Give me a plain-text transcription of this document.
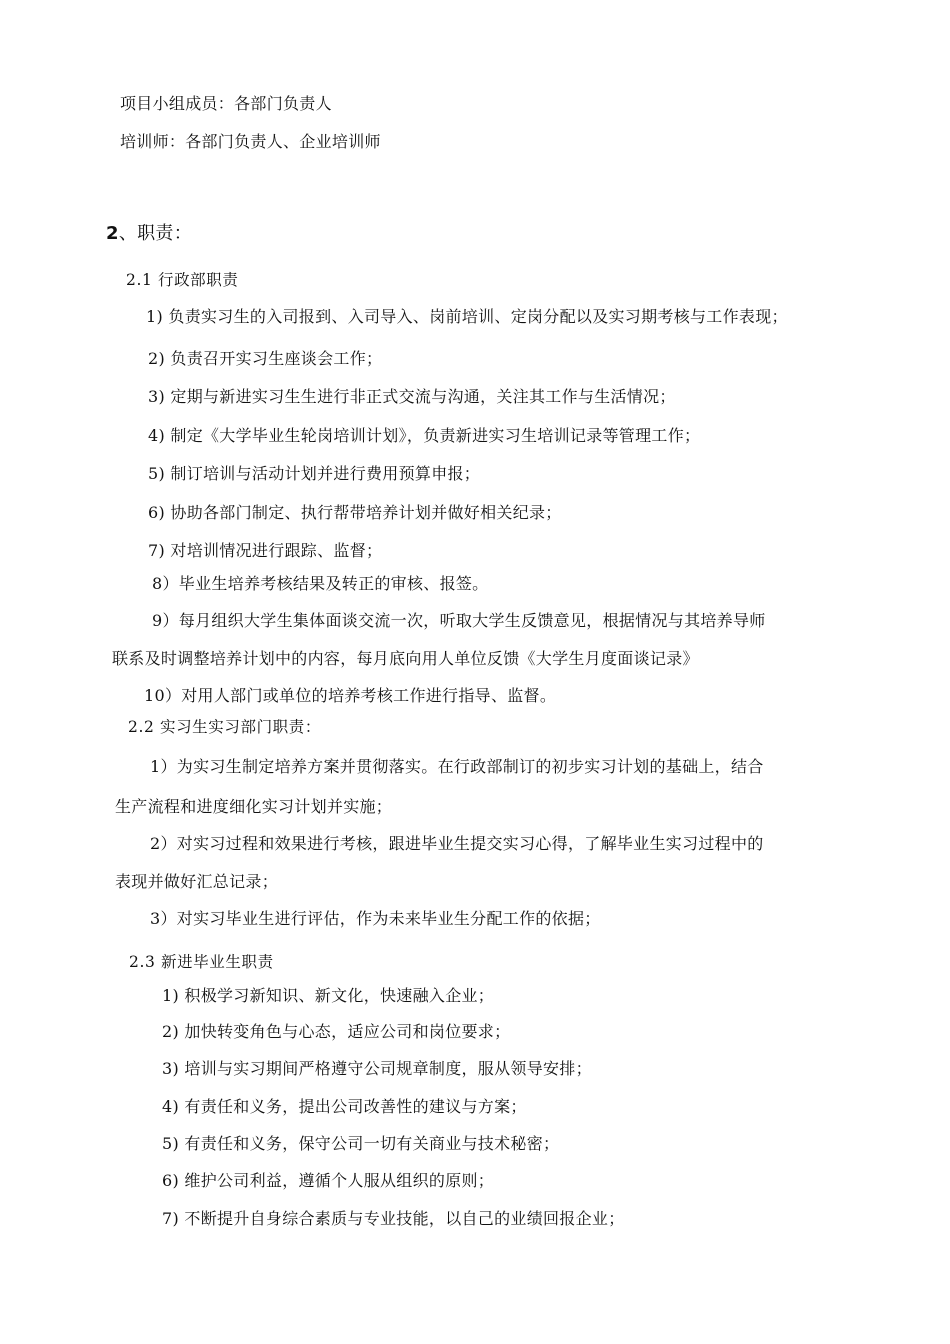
项目小组成员：各部门负责人
培训师：各部门负责人、企业培训师
2、职责：
2.1 行政部职责
1) 负责实习生的入司报到、入司导入、岗前培训、定岗分配以及实习期考核与工作表现；
2) 负责召开实习生座谈会工作；
3) 定期与新进实习生生进行非正式交流与沟通，关注其工作与生活情况；
4) 制定《大学毕业生轮岗培训计划》，负责新进实习生培训记录等管理工作；
5) 制订培训与活动计划并进行费用预算申报；
6) 协助各部门制定、执行帮带培养计划并做好相关纪录；
7) 对培训情况进行跟踪、监督；
8）毕业生培养考核结果及转正的审核、报签。
9）每月组织大学生集体面谈交流一次，听取大学生反馈意见，根据情况与其培养导师
联系及时调整培养计划中的内容，每月底向用人单位反馈《大学生月度面谈记录》
10）对用人部门或单位的培养考核工作进行指导、监督。
2.2 实习生实习部门职责：
1）为实习生制定培养方案并贯彻落实。在行政部制订的初步实习计划的基础上，结合
生产流程和进度细化实习计划并实施；
2）对实习过程和效果进行考核，跟进毕业生提交实习心得，了解毕业生实习过程中的
表现并做好汇总记录；
3）对实习毕业生进行评估，作为未来毕业生分配工作的依据；
2.3 新进毕业生职责
1) 积极学习新知识、新文化，快速融入企业；
2) 加快转变角色与心态，适应公司和岗位要求；
3) 培训与实习期间严格遵守公司规章制度，服从领导安排；
4) 有责任和义务，提出公司改善性的建议与方案；
5) 有责任和义务，保守公司一切有关商业与技术秘密；
6) 维护公司利益，遵循个人服从组织的原则；
7) 不断提升自身综合素质与专业技能，以自己的业绩回报企业；
